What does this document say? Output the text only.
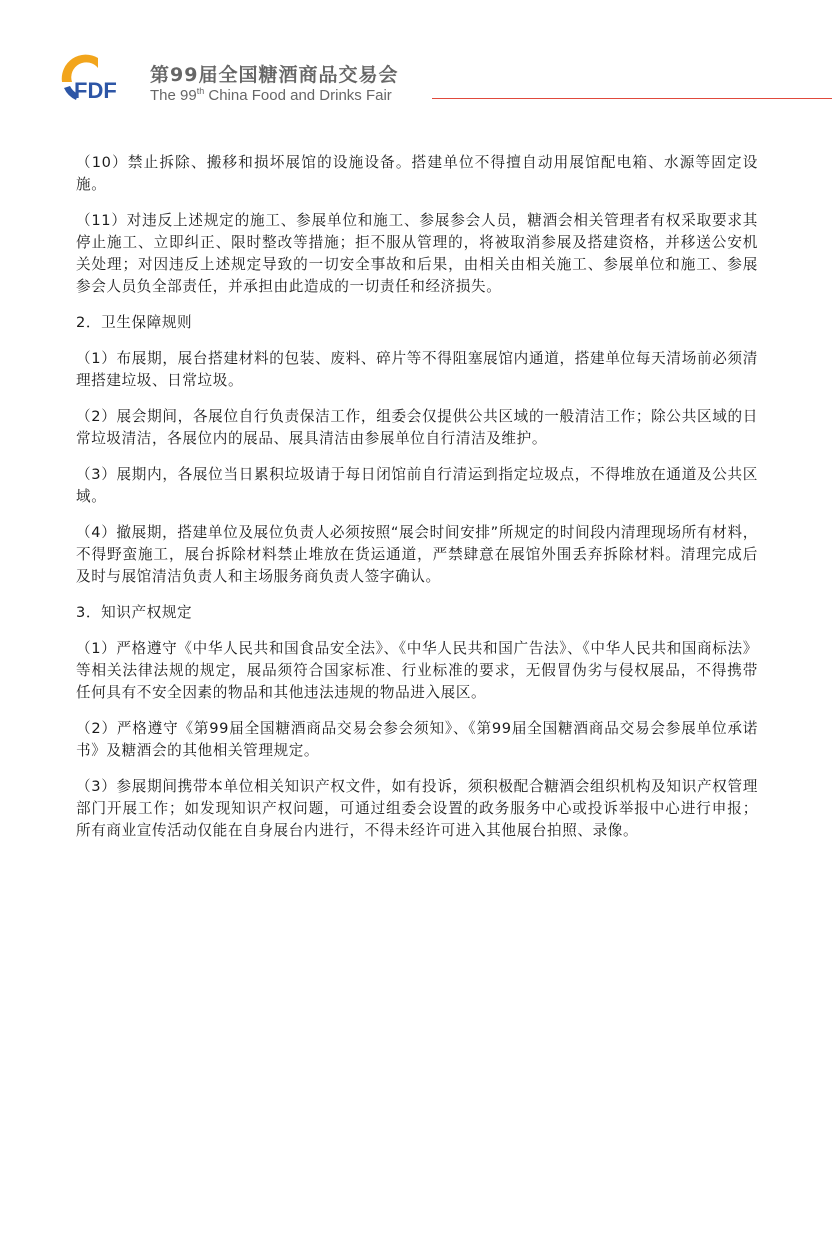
FDF
第99届全国糖酒商品交易会
The 99th China Food and Drinks Fair

（10）禁止拆除、搬移和损坏展馆的设施设备。搭建单位不得擅自动用展馆配电箱、水源等固定设施。

（11）对违反上述规定的施工、参展单位和施工、参展参会人员，糖酒会相关管理者有权采取要求其停止施工、立即纠正、限时整改等措施；拒不服从管理的，将被取消参展及搭建资格，并移送公安机关处理；对因违反上述规定导致的一切安全事故和后果，由相关由相关施工、参展单位和施工、参展参会人员负全部责任，并承担由此造成的一切责任和经济损失。

2．卫生保障规则

（1）布展期，展台搭建材料的包装、废料、碎片等不得阻塞展馆内通道，搭建单位每天清场前必须清理搭建垃圾、日常垃圾。

（2）展会期间，各展位自行负责保洁工作，组委会仅提供公共区域的一般清洁工作；除公共区域的日常垃圾清洁，各展位内的展品、展具清洁由参展单位自行清洁及维护。

（3）展期内，各展位当日累积垃圾请于每日闭馆前自行清运到指定垃圾点，不得堆放在通道及公共区域。

（4）撤展期，搭建单位及展位负责人必须按照“展会时间安排”所规定的时间段内清理现场所有材料，不得野蛮施工，展台拆除材料禁止堆放在货运通道，严禁肆意在展馆外围丢弃拆除材料。清理完成后及时与展馆清洁负责人和主场服务商负责人签字确认。

3．知识产权规定

（1）严格遵守《中华人民共和国食品安全法》、《中华人民共和国广告法》、《中华人民共和国商标法》等相关法律法规的规定，展品须符合国家标准、行业标准的要求，无假冒伪劣与侵权展品，不得携带任何具有不安全因素的物品和其他违法违规的物品进入展区。

（2）严格遵守《第99届全国糖酒商品交易会参会须知》、《第99届全国糖酒商品交易会参展单位承诺书》及糖酒会的其他相关管理规定。

（3）参展期间携带本单位相关知识产权文件，如有投诉，须积极配合糖酒会组织机构及知识产权管理部门开展工作；如发现知识产权问题，可通过组委会设置的政务服务中心或投诉举报中心进行申报；所有商业宣传活动仅能在自身展台内进行，不得未经许可进入其他展台拍照、录像。
